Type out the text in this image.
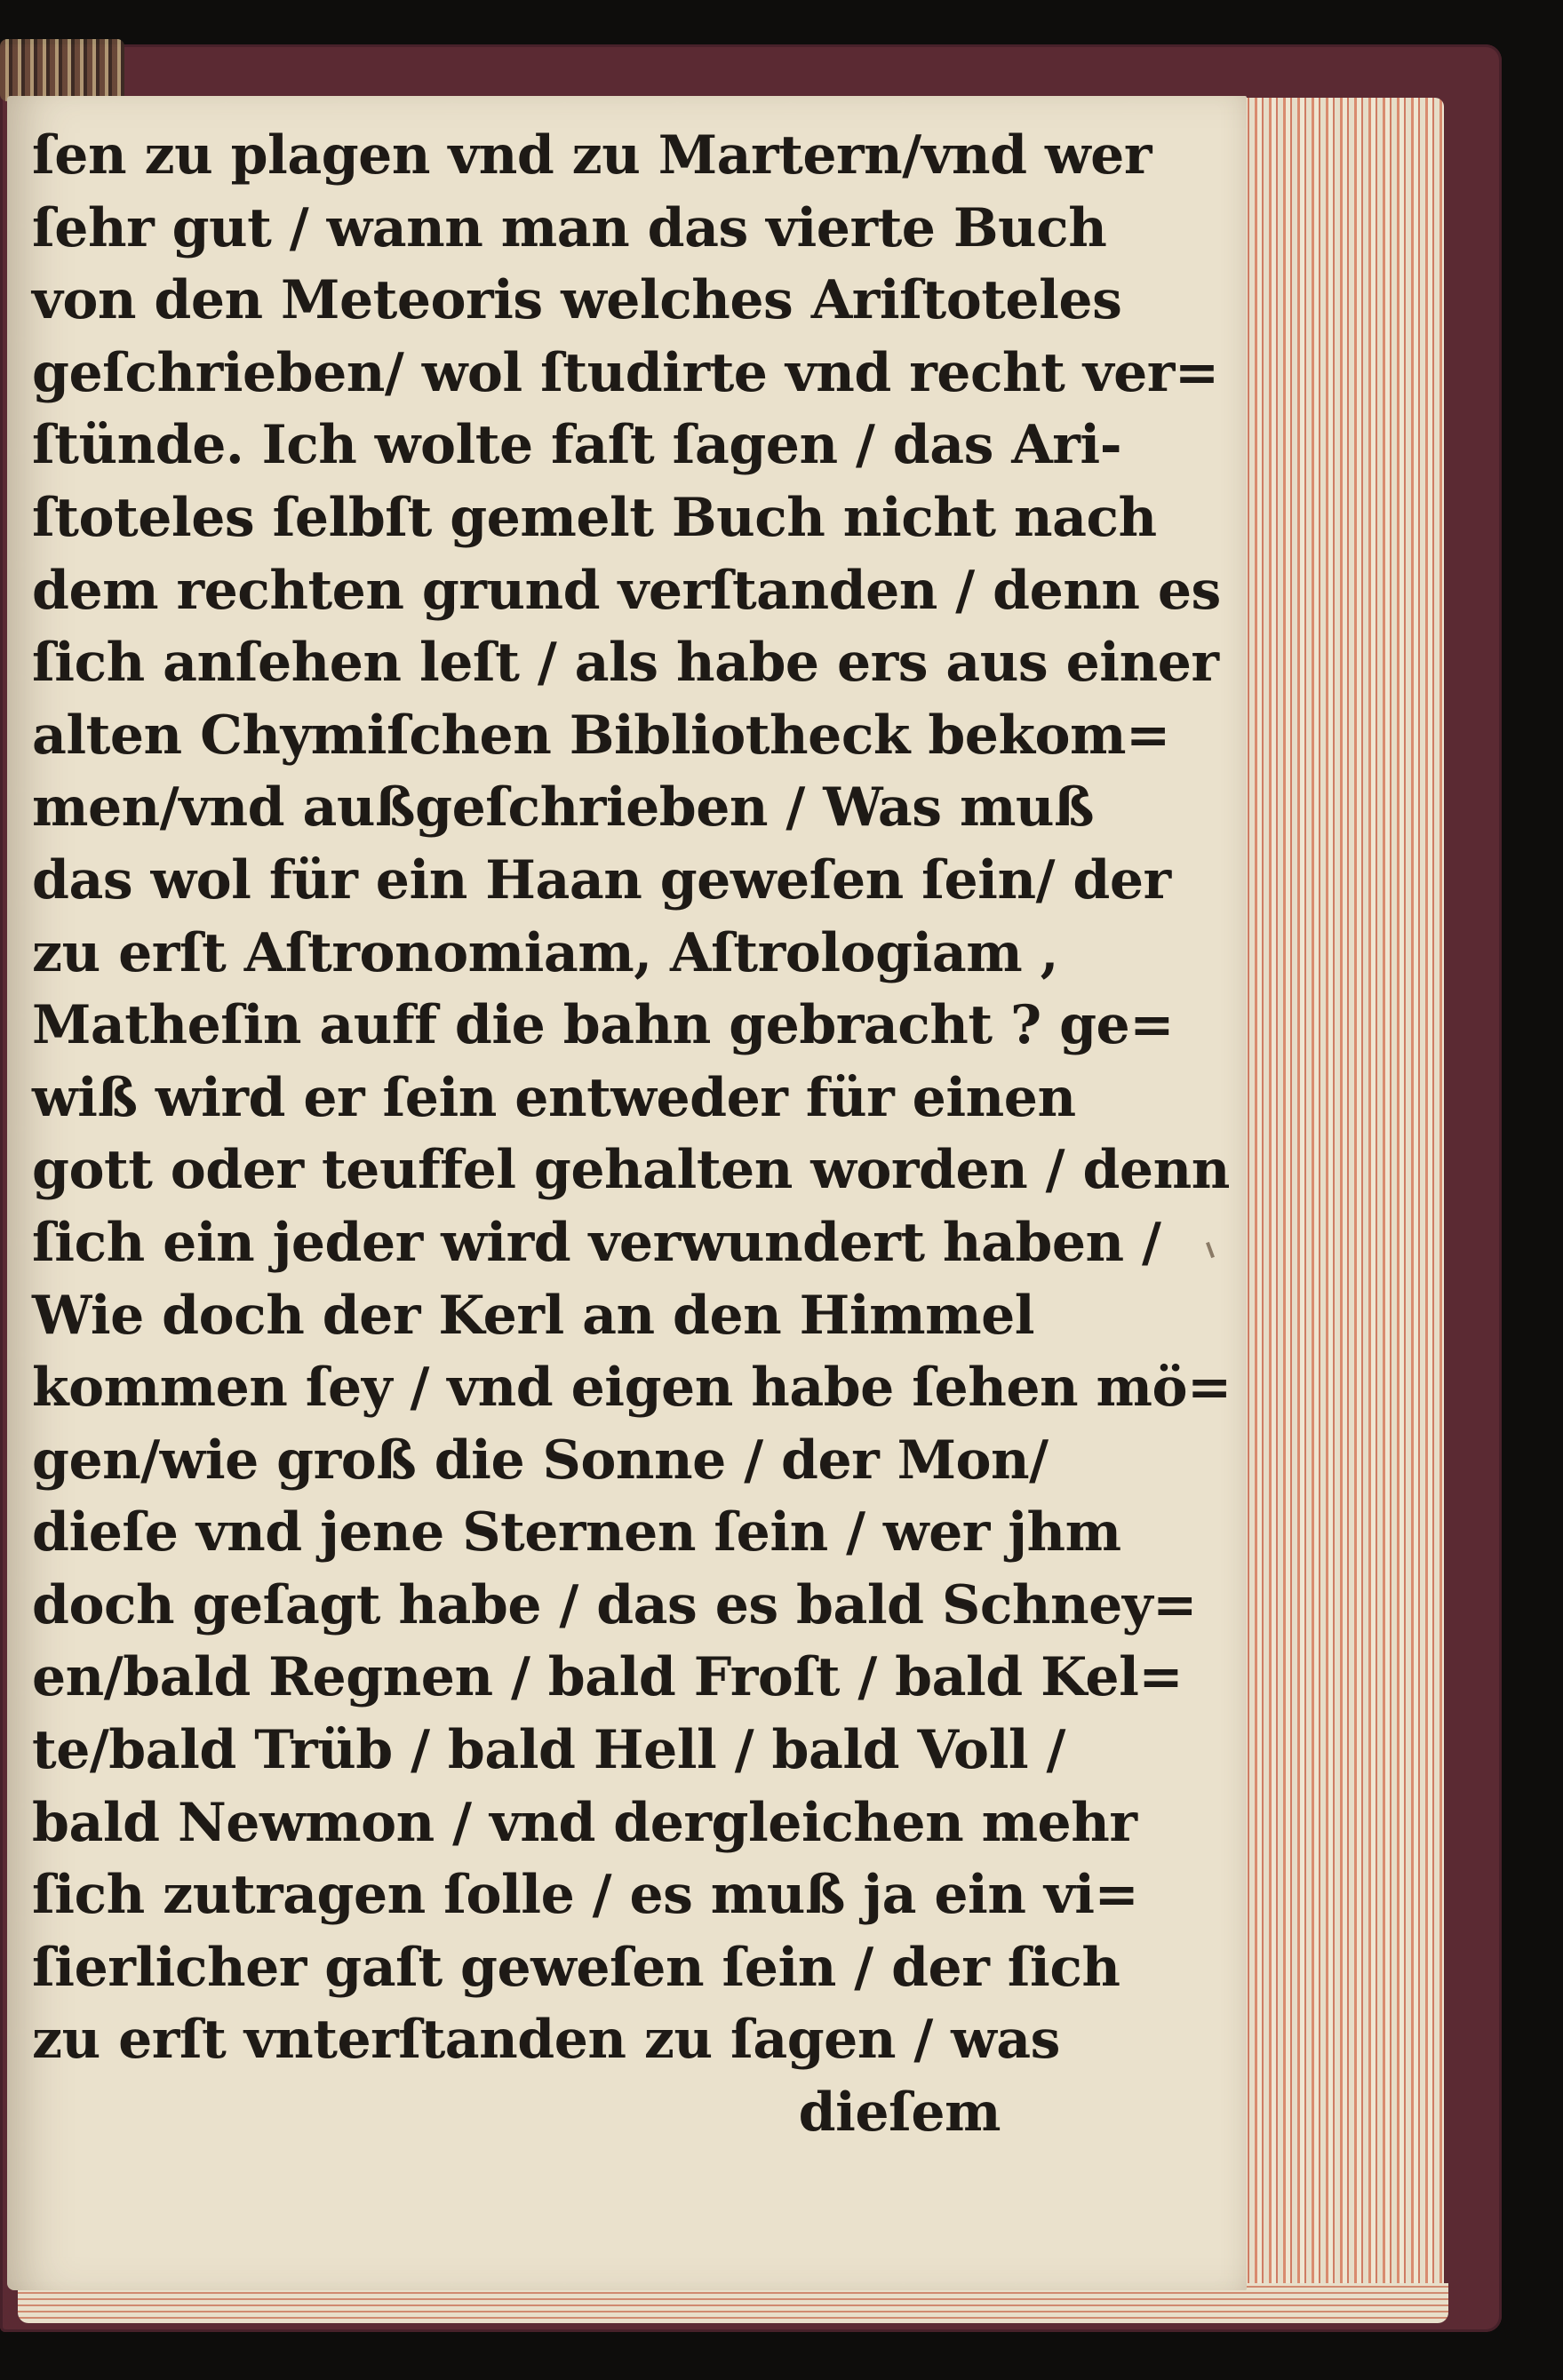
ſen zu plagen vnd zu Martern/vnd wer
ſehr gut / wann man das vierte Buch
von den Meteoris welches Ariſtoteles
geſchrieben/ wol ſtudirte vnd recht ver=
ſtünde. Ich wolte faſt ſagen / das Ari-
ſtoteles ſelbſt gemelt Buch nicht nach
dem rechten grund verſtanden / denn es
ſich anſehen leſt / als habe ers aus einer
alten Chymiſchen Bibliotheck bekom=
men/vnd außgeſchrieben / Was muß
das wol für ein Haan geweſen ſein/ der
zu erſt Aſtronomiam, Aſtrologiam ,
Matheſin auff die bahn gebracht ? ge=
wiß wird er ſein entweder für einen
gott oder teuffel gehalten worden / denn
ſich ein jeder wird verwundert haben /
Wie doch der Kerl an den Himmel
kommen ſey / vnd eigen habe ſehen mö=
gen/wie groß die Sonne / der Mon/
dieſe vnd jene Sternen ſein / wer jhm
doch geſagt habe / das es bald Schney=
en/bald Regnen / bald Froſt / bald Kel=
te/bald Trüb / bald Hell / bald Voll /
bald Newmon / vnd dergleichen mehr
ſich zutragen ſolle / es muß ja ein vi=
ſierlicher gaſt geweſen ſein / der ſich
zu erſt vnterſtanden zu ſagen / was
dieſem
